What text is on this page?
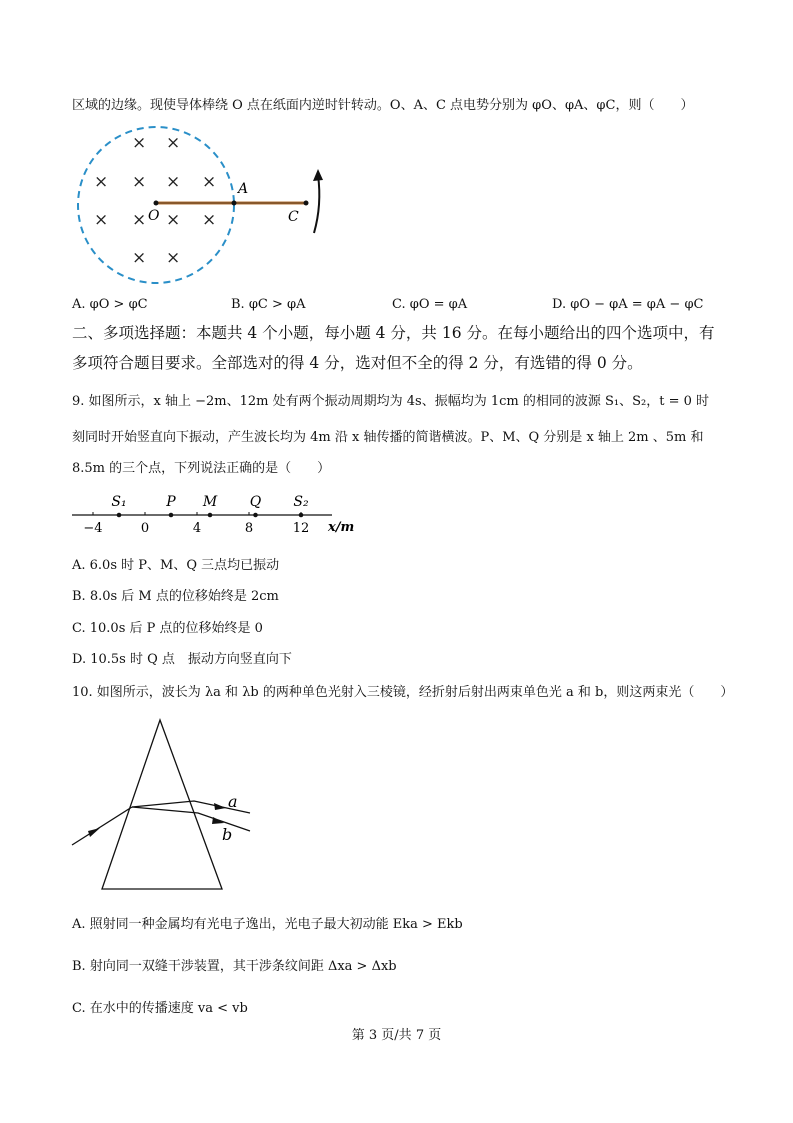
区域的边缘。现使导体棒绕 O 点在纸面内逆时针转动。O、A、C 点电势分别为 φO、φA、φC，则（　　）
× ×
× × × ×
× × × ×
× ×
O
A
C
A. φO > φC	B. φC > φA	C. φO = φA	D. φO − φA = φA − φC
二、多项选择题：本题共 4 个小题，每小题 4 分，共 16 分。在每小题给出的四个选项中，有
多项符合题目要求。全部选对的得 4 分，选对但不全的得 2 分，有选错的得 0 分。
9. 如图所示，x 轴上 −2m、12m 处有两个振动周期均为 4s、振幅均为 1cm 的相同的波源 S₁、S₂，t = 0 时
刻同时开始竖直向下振动，产生波长均为 4m 沿 x 轴传播的简谐横波。P、M、Q 分别是 x 轴上 2m 、5m 和
8.5m 的三个点，下列说法正确的是（　　）
−4	0	4	8	12
S₁	P M Q S₂
x/m
A. 6.0s 时 P、M、Q 三点均已振动
B. 8.0s 后 M 点的位移始终是 2cm
C. 10.0s 后 P 点的位移始终是 0
D. 10.5s 时 Q 点　振动方向竖直向下
10. 如图所示，波长为 λa 和 λb 的两种单色光射入三棱镜，经折射后射出两束单色光 a 和 b，则这两束光（　　）
a
b
A. 照射同一种金属均有光电子逸出，光电子最大初动能 Eka > Ekb
B. 射向同一双缝干涉装置，其干涉条纹间距 Δxa > Δxb
C. 在水中的传播速度 va < vb
第 3 页/共 7 页
